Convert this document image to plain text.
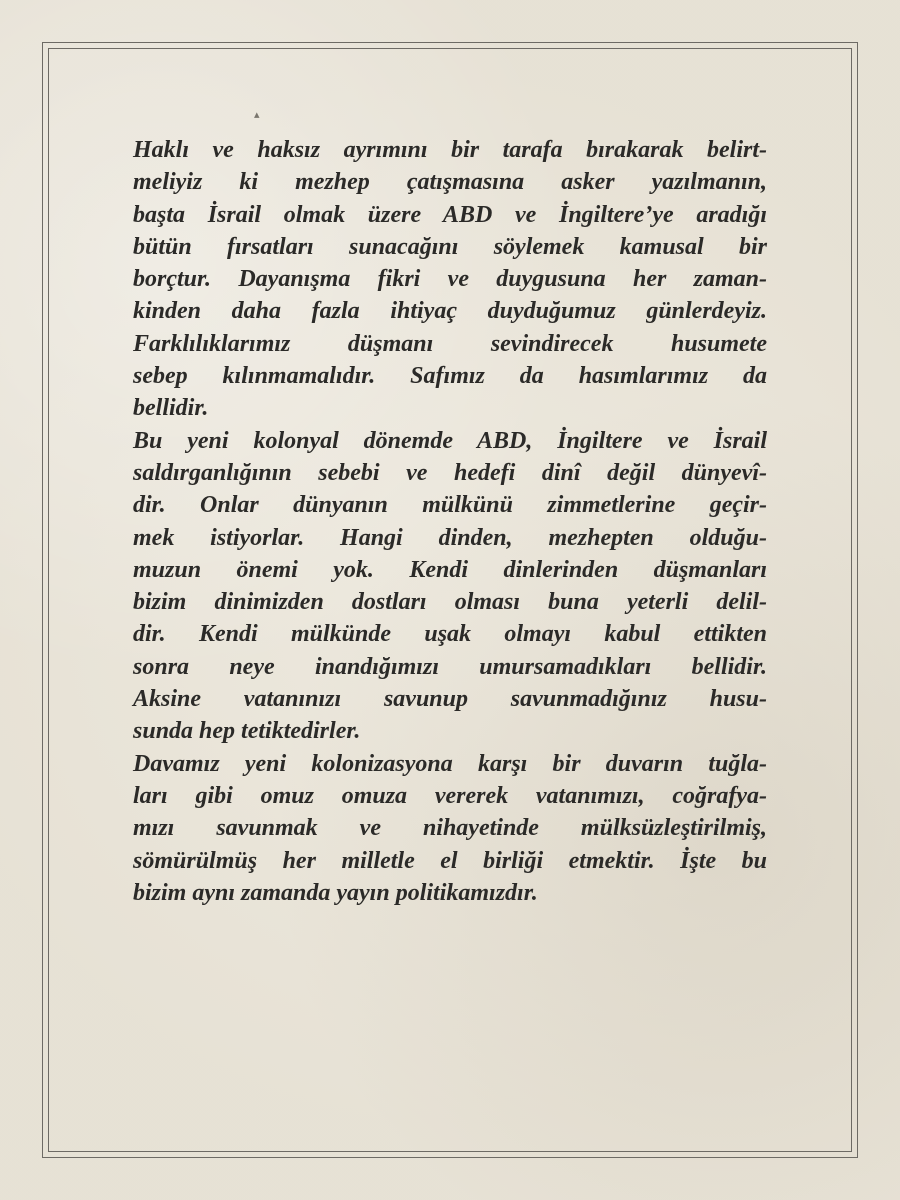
▴

Haklı ve haksız ayrımını bir tarafa bırakarak belirt-
meliyiz ki mezhep çatışmasına asker yazılmanın,
başta İsrail olmak üzere ABD ve İngiltere’ye aradığı
bütün fırsatları sunacağını söylemek kamusal bir
borçtur. Dayanışma fikri ve duygusuna her zaman-
kinden daha fazla ihtiyaç duyduğumuz günlerdeyiz.
Farklılıklarımız düşmanı sevindirecek husumete
sebep kılınmamalıdır. Safımız da hasımlarımız da
bellidir.

Bu yeni kolonyal dönemde ABD, İngiltere ve İsrail
saldırganlığının sebebi ve hedefi dinî değil dünyevî-
dir. Onlar dünyanın mülkünü zimmetlerine geçir-
mek istiyorlar. Hangi dinden, mezhepten olduğu-
muzun önemi yok. Kendi dinlerinden düşmanları
bizim dinimizden dostları olması buna yeterli delil-
dir. Kendi mülkünde uşak olmayı kabul ettikten
sonra neye inandığımızı umursamadıkları bellidir.
Aksine vatanınızı savunup savunmadığınız husu-
sunda hep tetiktedirler.

Davamız yeni kolonizasyona karşı bir duvarın tuğla-
ları gibi omuz omuza vererek vatanımızı, coğrafya-
mızı savunmak ve nihayetinde mülksüzleştirilmiş,
sömürülmüş her milletle el birliği etmektir. İşte bu
bizim aynı zamanda yayın politikamızdır.
